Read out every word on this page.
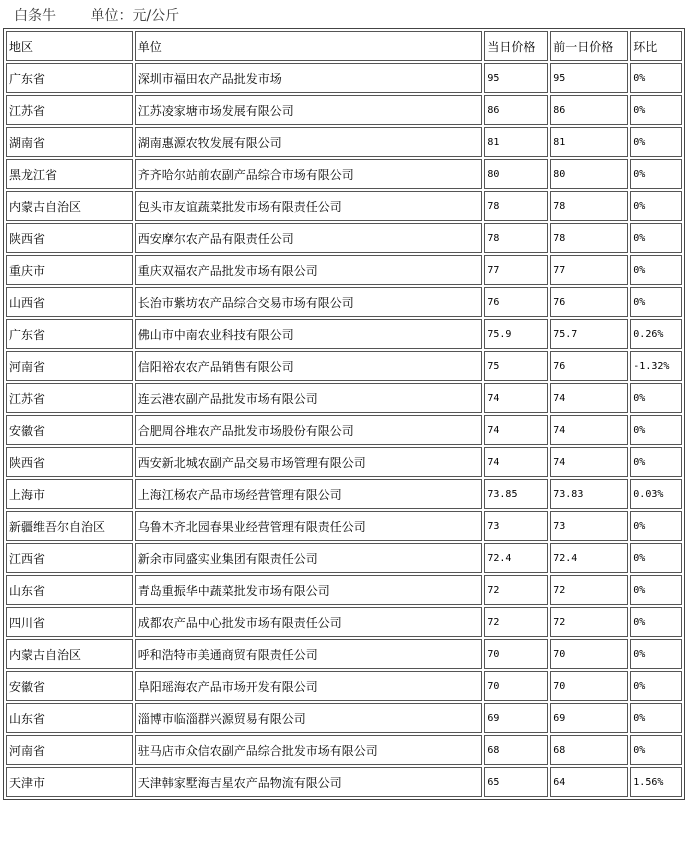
白条牛 单位：元/公斤
地区	单位	当日价格	前一日价格	环比
广东省	深圳市福田农产品批发市场	95	95	0%
江苏省	江苏凌家塘市场发展有限公司	86	86	0%
湖南省	湖南惠源农牧发展有限公司	81	81	0%
黑龙江省	齐齐哈尔站前农副产品综合市场有限公司	80	80	0%
内蒙古自治区	包头市友谊蔬菜批发市场有限责任公司	78	78	0%
陕西省	西安摩尔农产品有限责任公司	78	78	0%
重庆市	重庆双福农产品批发市场有限公司	77	77	0%
山西省	长治市紫坊农产品综合交易市场有限公司	76	76	0%
广东省	佛山市中南农业科技有限公司	75.9	75.7	0.26%
河南省	信阳裕农农产品销售有限公司	75	76	-1.32%
江苏省	连云港农副产品批发市场有限公司	74	74	0%
安徽省	合肥周谷堆农产品批发市场股份有限公司	74	74	0%
陕西省	西安新北城农副产品交易市场管理有限公司	74	74	0%
上海市	上海江杨农产品市场经营管理有限公司	73.85	73.83	0.03%
新疆维吾尔自治区	乌鲁木齐北园春果业经营管理有限责任公司	73	73	0%
江西省	新余市同盛实业集团有限责任公司	72.4	72.4	0%
山东省	青岛重振华中蔬菜批发市场有限公司	72	72	0%
四川省	成都农产品中心批发市场有限责任公司	72	72	0%
内蒙古自治区	呼和浩特市美通商贸有限责任公司	70	70	0%
安徽省	阜阳瑶海农产品市场开发有限公司	70	70	0%
山东省	淄博市临淄群兴源贸易有限公司	69	69	0%
河南省	驻马店市众信农副产品综合批发市场有限公司	68	68	0%
天津市	天津韩家墅海吉星农产品物流有限公司	65	64	1.56%
